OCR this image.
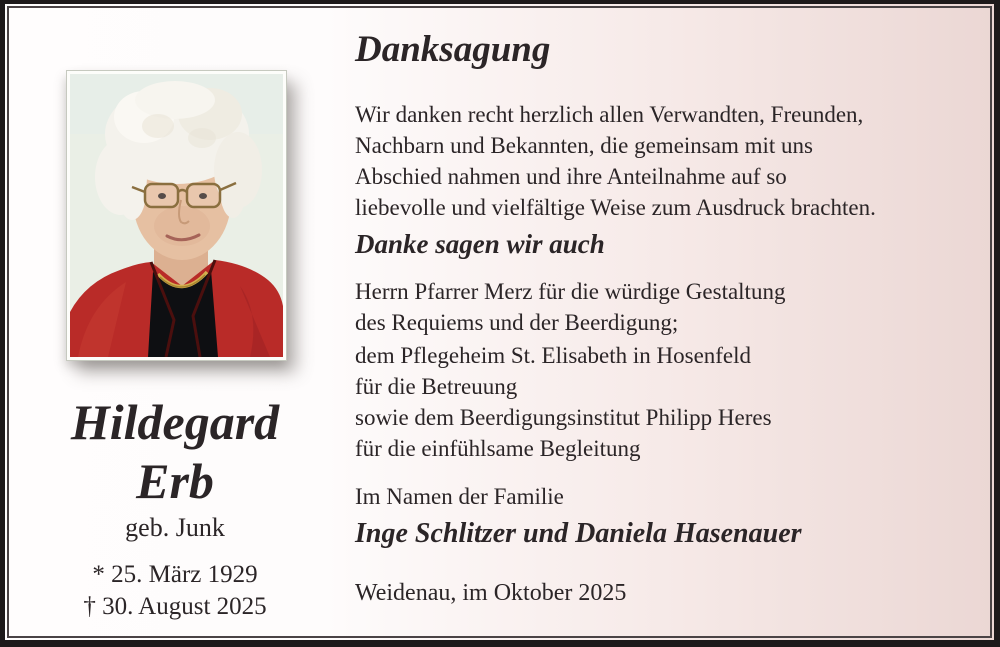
Hildegard
Erb
geb. Junk
* 25. März 1929
† 30. August 2025
Danksagung
Wir danken recht herzlich allen Verwandten, Freunden,
Nachbarn und Bekannten, die gemeinsam mit uns
Abschied nahmen und ihre Anteilnahme auf so
liebevolle und vielfältige Weise zum Ausdruck brachten.
Danke sagen wir auch
Herrn Pfarrer Merz für die würdige Gestaltung
des Requiems und der Beerdigung;
dem Pflegeheim St. Elisabeth in Hosenfeld
für die Betreuung
sowie dem Beerdigungsinstitut Philipp Heres
für die einfühlsame Begleitung
Im Namen der Familie
Inge Schlitzer und Daniela Hasenauer
Weidenau, im Oktober 2025
